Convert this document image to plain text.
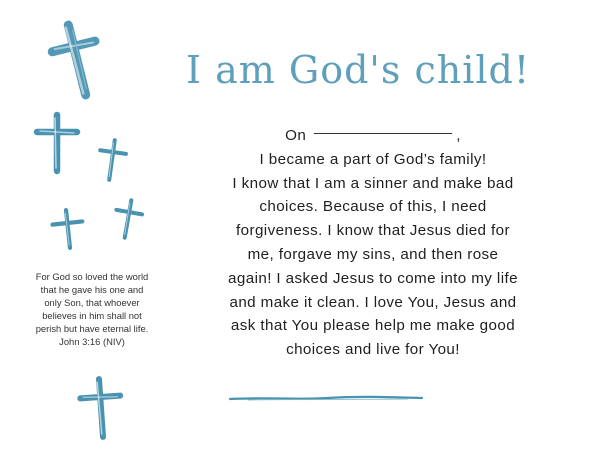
I am God's child!

On	,

I became a part of God’s family!

I know that I am a sinner and make bad

choices. Because of this, I need

forgiveness. I know that Jesus died for

me, forgave my sins, and then rose

again! I asked Jesus to come into my life

and make it clean. I love You, Jesus and

ask that You please help me make good

choices and live for You!

For God so loved the world
that he gave his one and
only Son, that whoever
believes in him shall not
perish but have eternal life.
John 3:16 (NIV)
